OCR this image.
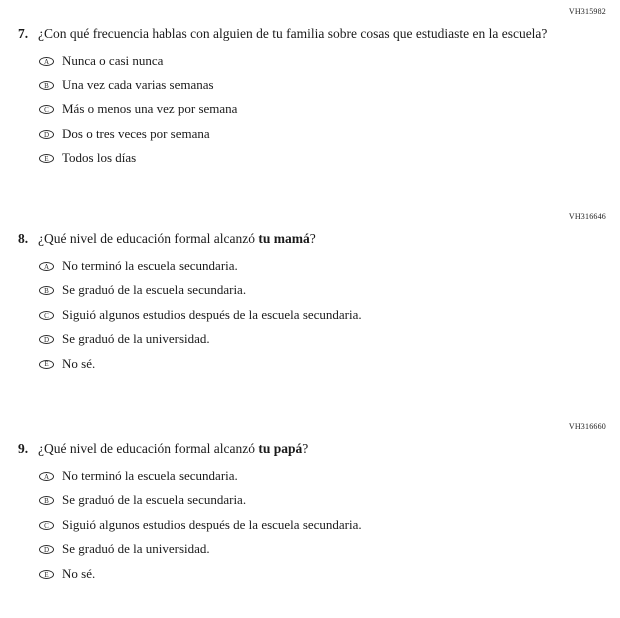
VH315982
7. ¿Con qué frecuencia hablas con alguien de tu familia sobre cosas que estudiaste en la escuela?
A Nunca o casi nunca
B	Una vez cada varias semanas
C	Más o menos una vez por semana
D Dos o tres veces por semana
E	Todos los días
VH316646
8. ¿Qué nivel de educación formal alcanzó tu mamá?
A No terminó la escuela secundaria.
B	Se graduó de la escuela secundaria.
C	Siguió algunos estudios después de la escuela secundaria.
D Se graduó de la universidad.
E	No sé.
VH316660
9. ¿Qué nivel de educación formal alcanzó tu papá?
A No terminó la escuela secundaria.
B	Se graduó de la escuela secundaria.
C	Siguió algunos estudios después de la escuela secundaria.
D Se graduó de la universidad.
E	No sé.
